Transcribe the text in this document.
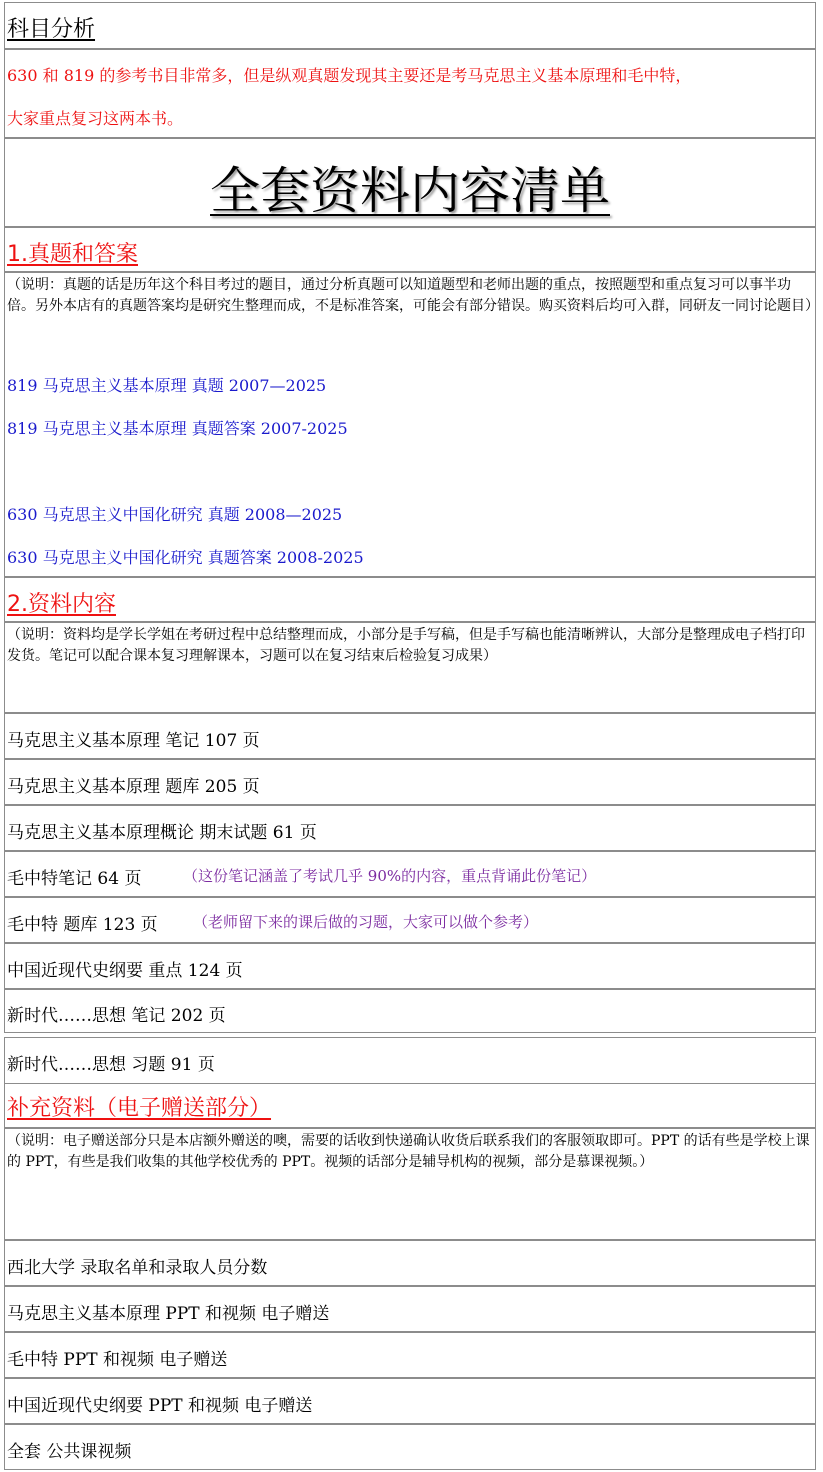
科目分析
630 和 819 的参考书目非常多，但是纵观真题发现其主要还是考马克思主义基本原理和毛中特，
大家重点复习这两本书。
全套资料内容清单
1.真题和答案
（说明：真题的话是历年这个科目考过的题目，通过分析真题可以知道题型和老师出题的重点，按照题型和重点复习可以事半功倍。另外本店有的真题答案均是研究生整理而成，不是标准答案，可能会有部分错误。购买资料后均可入群，同研友一同讨论题目）
819 马克思主义基本原理 真题 2007—2025
819 马克思主义基本原理 真题答案 2007-2025
630 马克思主义中国化研究 真题 2008—2025
630 马克思主义中国化研究 真题答案 2008-2025
2.资料内容
（说明：资料均是学长学姐在考研过程中总结整理而成，小部分是手写稿，但是手写稿也能清晰辨认，大部分是整理成电子档打印发货。笔记可以配合课本复习理解课本，习题可以在复习结束后检验复习成果）
马克思主义基本原理 笔记 107 页
马克思主义基本原理 题库 205 页
马克思主义基本原理概论 期末试题 61 页
毛中特笔记 64 页	（这份笔记涵盖了考试几乎 90%的内容，重点背诵此份笔记）
毛中特 题库 123 页 （老师留下来的课后做的习题，大家可以做个参考）
中国近现代史纲要 重点 124 页
新时代……思想 笔记 202 页
新时代……思想 习题 91 页
补充资料（电子赠送部分）
（说明：电子赠送部分只是本店额外赠送的噢，需要的话收到快递确认收货后联系我们的客服领取即可。PPT 的话有些是学校上课的 PPT，有些是我们收集的其他学校优秀的 PPT。视频的话部分是辅导机构的视频，部分是慕课视频。）
西北大学 录取名单和录取人员分数
马克思主义基本原理 PPT 和视频 电子赠送
毛中特 PPT 和视频 电子赠送
中国近现代史纲要 PPT 和视频 电子赠送
全套 公共课视频
